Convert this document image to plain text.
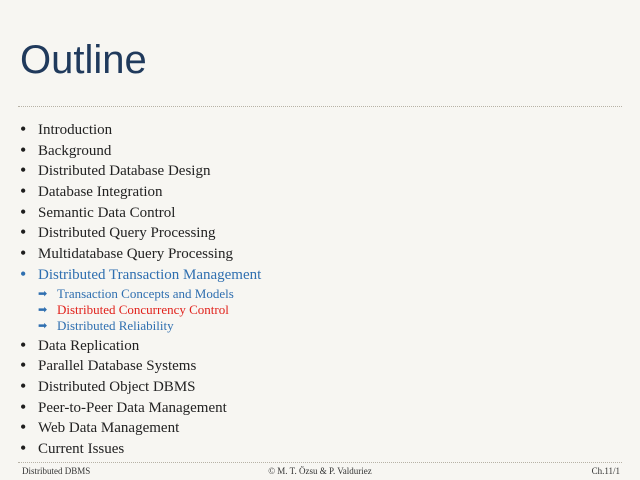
Outline
• Introduction
• Background
• Distributed Database Design
• Database Integration
• Semantic Data Control
• Distributed Query Processing
• Multidatabase Query Processing
• Distributed Transaction Management
➡ Transaction Concepts and Models
➡ Distributed Concurrency Control
➡ Distributed Reliability
• Data Replication
• Parallel Database Systems
• Distributed Object DBMS
• Peer-to-Peer Data Management
• Web Data Management
• Current Issues
Distributed DBMS	© M. T. Özsu & P. Valduriez	Ch.11/1
